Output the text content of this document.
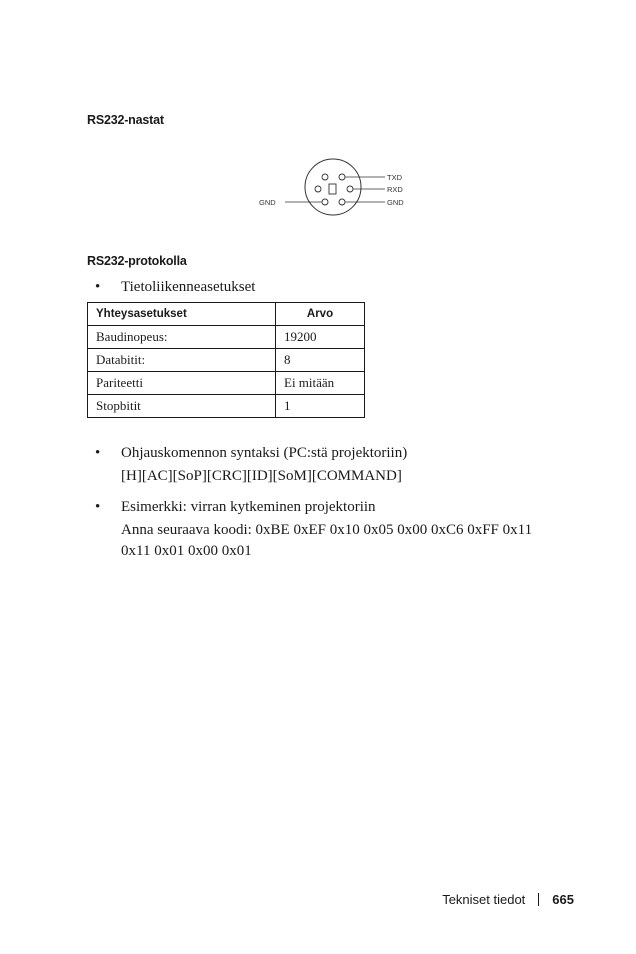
RS232-nastat
TXD
RXD
GND
GND
RS232-protokolla
• Tietoliikenneasetukset
Yhteysasetukset	Arvo
Baudinopeus:	19200
Databitit:	8
Pariteetti	Ei mitään
Stopbitit	1
• Ohjauskomennon syntaksi (PC:stä projektoriin)
[H][AC][SoP][CRC][ID][SoM][COMMAND]
• Esimerkki: virran kytkeminen projektoriin
Anna seuraava koodi: 0xBE 0xEF 0x10 0x05 0x00 0xC6 0xFF 0x11 0x11 0x01 0x00 0x01
Tekniset tiedot 665
